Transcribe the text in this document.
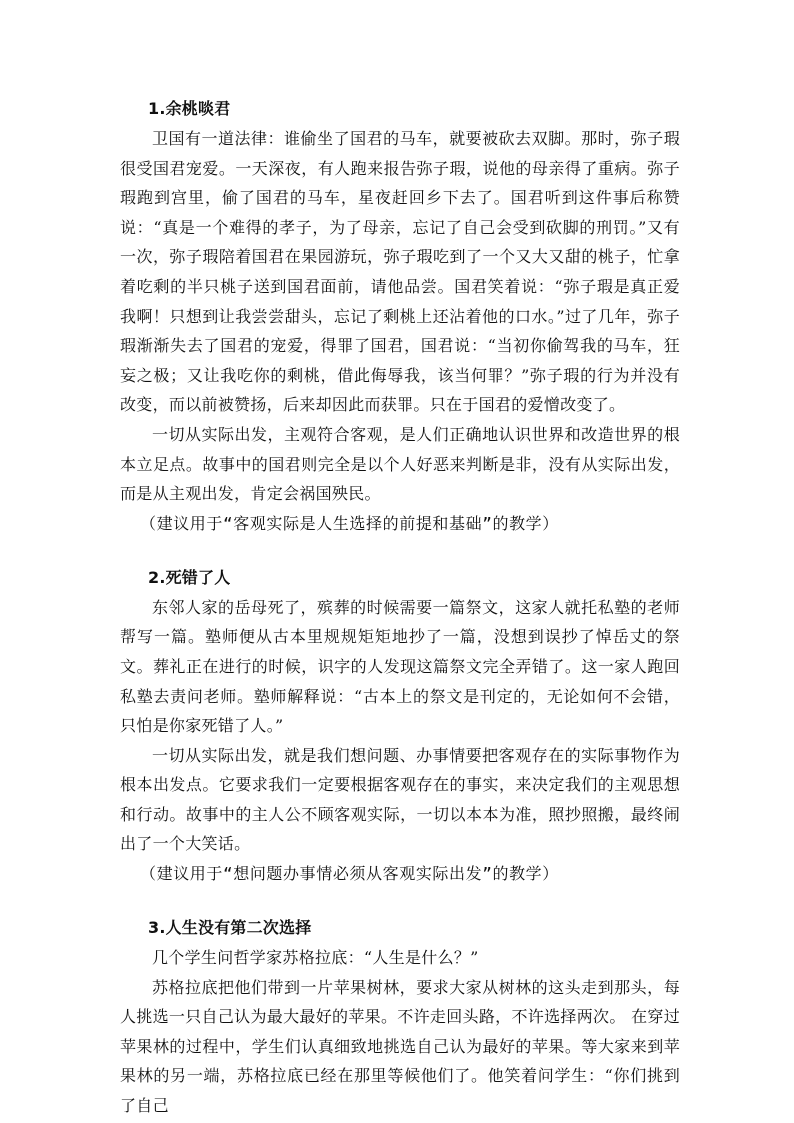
1.余桃啖君

卫国有一道法律：谁偷坐了国君的马车，就要被砍去双脚。那时，弥子瑕很受国君宠爱。一天深夜，有人跑来报告弥子瑕，说他的母亲得了重病。弥子瑕跑到宫里，偷了国君的马车，星夜赶回乡下去了。国君听到这件事后称赞说：“真是一个难得的孝子，为了母亲，忘记了自己会受到砍脚的刑罚。”又有一次，弥子瑕陪着国君在果园游玩，弥子瑕吃到了一个又大又甜的桃子，忙拿着吃剩的半只桃子送到国君面前，请他品尝。国君笑着说：“弥子瑕是真正爱我啊！只想到让我尝尝甜头，忘记了剩桃上还沾着他的口水。”过了几年，弥子瑕渐渐失去了国君的宠爱，得罪了国君，国君说：“当初你偷驾我的马车，狂妄之极；又让我吃你的剩桃，借此侮辱我，该当何罪？”弥子瑕的行为并没有改变，而以前被赞扬，后来却因此而获罪。只在于国君的爱憎改变了。

一切从实际出发，主观符合客观，是人们正确地认识世界和改造世界的根本立足点。故事中的国君则完全是以个人好恶来判断是非，没有从实际出发，而是从主观出发，肯定会祸国殃民。

（建议用于“客观实际是人生选择的前提和基础”的教学）

2.死错了人

东邻人家的岳母死了，殡葬的时候需要一篇祭文，这家人就托私塾的老师帮写一篇。塾师便从古本里规规矩矩地抄了一篇，没想到误抄了悼岳丈的祭文。葬礼正在进行的时候，识字的人发现这篇祭文完全弄错了。这一家人跑回私塾去责问老师。塾师解释说：“古本上的祭文是刊定的，无论如何不会错，只怕是你家死错了人。”

一切从实际出发，就是我们想问题、办事情要把客观存在的实际事物作为根本出发点。它要求我们一定要根据客观存在的事实，来决定我们的主观思想和行动。故事中的主人公不顾客观实际，一切以本本为准，照抄照搬，最终闹出了一个大笑话。

（建议用于“想问题办事情必须从客观实际出发”的教学）

3.人生没有第二次选择

几个学生问哲学家苏格拉底：“人生是什么？”

苏格拉底把他们带到一片苹果树林，要求大家从树林的这头走到那头，每人挑选一只自己认为最大最好的苹果。不许走回头路，不许选择两次。 在穿过苹果林的过程中，学生们认真细致地挑选自己认为最好的苹果。等大家来到苹果林的另一端，苏格拉底已经在那里等候他们了。他笑着问学生：“你们挑到了自己
